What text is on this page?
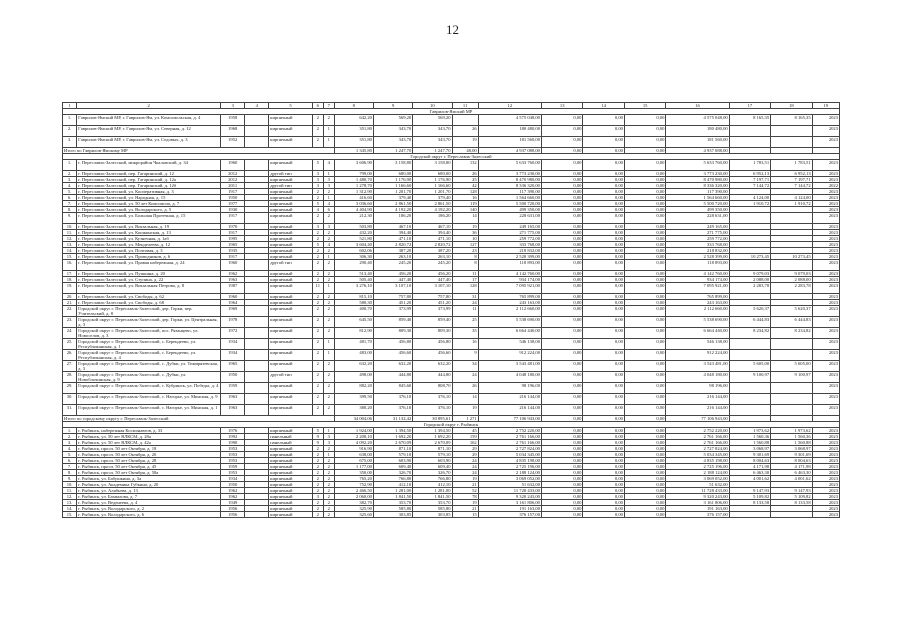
12
1	2	3	4	5	6	7	8	9	10	11	12	13	14	15	16	17	18	19
Гаврилов-Ямский МР																		
1.	Гаврилов-Ямский МР, г. Гаврилов-Ям, ул. Комсомольская, д. 4	1958		кирпичный	2	2	642,20	569,20	569,20		4 575 048,00	0,00	0,00	0,00	4 575 048,00	8 165,35	8 165,35	2023
2.	Гаврилов-Ямский МР, г. Гаврилов-Ям, ул. Северная, д. 12	1968		кирпичный	2	1	351,80	343,70	343,70	26	180 480,00	0,00	0,00	0,00	180 480,00			2023
3.	Гаврилов-Ямский МР, г. Гаврилов-Ям, ул. Седовых, д. 3	1952		кирпичный	2	1	351,80	343,70	343,70	19	181 560,00	0,00	0,00	0,00	181 560,00			2023
Итого по Гаврилов-Ямскому МР							1 345,80	1 247,70	1 247,70	48,00	4 937 088,00	0,00	0,00	0,00	4 937 088,00			
Городской округ г. Переславль-Залесский																		
1.	г. Переславль-Залесский, микрорайон Чкаловский, д. 34	1960		кирпичный	5	4	3 606,90	3 158,80	3 158,80	132	5 633 760,00	0,00	0,00	0,00	5 633 760,00	1 783,51	1 783,51	2023
2.	г. Переславль-Залесский, пер. Гагаринский, д. 12	2012		другой тип	3	1	799,00	680,00	680,00	26	3 773 230,00	0,00	0,00	0,00	3 773 230,00	6 952,13	6 952,13	2023
3.	г. Переславль-Залесский, пер. Гагаринский, д. 12а	2012		кирпичный	3	3	1 480,70	1 176,90	1 176,90	25	8 470 980,00	0,00	0,00	0,00	8 470 980,00	7 197,71	7 197,71	2023
4.	г. Переславль-Залесский, пер. Гагаринский, д. 12б	2011		другой тип	3	3	1 278,70	1 166,60	1 166,60	42	8 336 320,00	0,00	0,00	0,00	8 336 320,00	7 144,72	7 144,72	2022
5.	г. Переславль-Залесский, ул. Кооперативная, д. 3	1917		кирпичный	2	2	1 312,90	1 201,70	1 201,70	128	117 390,00	0,00	0,00	0,00	117 390,00			2023
6.	г. Переславль-Залесский, ул. Народная, д. 15	1950		кирпичный	2	1	416,60	379,40	379,40	16	1 564 660,00	0,00	0,00	0,00	1 564 660,00	4 124,00	4 124,00	2023
7.	г. Переславль-Залесский, ул. 50 лет Комсомола, д. 7	1977		кирпичный	5	4	3 036,60	2 861,50	2 861,50	119	5 500 720,00	0,00	0,00	0,00	5 500 720,00	1 910,72	1 910,72	2023
8.	г. Переславль-Залесский, ул. Володарского, д. 5	1930		кирпичный	4	6	4 404,90	4 192,20	4 192,20	140	499 350,00	0,00	0,00	0,00	499 350,00			2023
9.	г. Переславль-Залесский, ул. Большая Протечная, д. 15	1917		кирпичный	2	2	212,30	186,20	186,20	14	228 631,00	0,00	0,00	0,00	228 631,00			2023
10.	г. Переславль-Залесский, ул. Вокзальная, д. 19	1970		кирпичный	3	3	503,80	467,10	467,10	19	249 165,00	0,00	0,00	0,00	249 165,00			2023
11.	г. Переславль-Залесский, ул. Кошкинская, д. 13	1917		кирпичный	2	2	432,20	394,40	394,40	36	271 775,00	0,00	0,00	0,00	271 775,00			2023
12.	г. Переславль-Залесский, ул. Кузнечная, д. 1аб	1995		кирпичный	2	2	521,80	471,10	471,10	10	259 772,00	0,00	0,00	0,00	259 772,00			2023
13.	г. Переславль-Залесский, ул. Менделеева, д. 12	1965		кирпичный	5	4	3 604,40	2 820,72	2 820,72	127	333 768,00	0,00	0,00	0,00	333 768,00			2023
14.	г. Переславль-Залесский, ул. Почтовая, д. 3	1935		кирпичный	2	2	602,06	387,20	387,20	23	218 832,00	0,00	0,00	0,00	218 832,00			2023
15.	г. Переславль-Залесский, ул. Проводников, д. 6	1917		кирпичный	2	1	306,30	263,10	263,10	8	2 528 399,00	0,00	0,00	0,00	2 528 399,00	10 273,45	10 273,45	2023
16.	г. Переславль-Залесский, ул. Правая набережная, д. 24	1960		другой тип	2	2	290,40	245,20	245,20	8	118 893,00	0,00	0,00	0,00	118 893,00			2023
17.	г. Переславль-Залесский, ул. Пушкина, д. 20	1962		кирпичный	2	2	513,40	456,20	456,20	11	4 142 760,00	0,00	0,00	0,00	4 142 760,00	9 079,03	9 079,03	2023
18.	г. Переславль-Залесский, ул. Ступина, д. 22	1963		кирпичный	2	2	505,40	447,40	447,40	17	934 174,00	0,00	0,00	0,00	934 174,00	2 088,00	2 088,00	2023
19.	г. Переславль-Залесский, ул. Вокзальная Петрова, д. 8	1987		кирпичный	11	1	3 276,10	3 107,10	3 107,10	128	7 095 921,00	0,00	0,00	0,00	7 095 921,00	2 283,78	2 283,78	2023
20.	г. Переславль-Залесский, ул. Свободы, д. 62	1960		кирпичный	2	2	815,10	757,80	757,80	31	765 899,00	0,00	0,00	0,00	765 899,00			2023
21.	г. Переславль-Залесский, ул. Свободы, д. 68	1964		кирпичный	2	2	580,30	451,20	451,20	24	243 163,00	0,00	0,00	0,00	243 163,00			2023
22.	Городской округ г. Переславль-Залесский, дер. Горки, пер. Учительский, д. 8	1969		кирпичный	2	2	400,70	373,99	373,99	11	2 112 660,00	0,00	0,00	0,00	2 112 660,00	5 620,37	5 620,37	2023
23.	Городской округ г. Переславль-Залесский, дер. Горки, ул. Центральная, д. 3	1978		кирпичный	2	2	645,50	859,40	859,40	25	5 538 690,00	0,00	0,00	0,00	5 538 690,00	6 444,83	6 444,83	2023
24.	Городской округ г. Переславль-Залесский, пос. Рязанцево, ул. Новоселов, д. 3	1972		кирпичный	2	2	812,90	809,30	809,30	35	6 664 440,00	0,00	0,00	0,00	6 664 440,00	8 234,82	8 234,82	2023
25.	Городской округ г. Переславль-Залесский, с. Берендеево, ул. Республиканская, д. 1	1934		кирпичный	2	1	481,70	456,80	456,80	16	546 138,00	0,00	0,00	0,00	546 138,00			2023
26.	Городской округ г. Переславль-Залесский, с. Берендеево, ул. Республиканская, д. 4	1934		кирпичный	2	1	483,00	456,60	456,60	9	912 224,00	0,00	0,00	0,00	912 224,00			2023
27.	Городской округ г. Переславль-Залесский, с. Дубки, ул. Тимирязевская, д. 3	1965		кирпичный	2	2	632,20	632,20	632,20	34	3 543 481,00	0,00	0,00	0,00	3 543 481,00	5 605,00	5 605,00	2023
28.	Городской округ г. Переславль-Залесский, с. Дубки, ул. Новоблочинская, д. 9	1950		другой тип	2	2	498,00	444,80	444,80	24	4 048 180,00	0,00	0,00	0,00	4 048 180,00	9 100,97	9 100,97	2023
29.	Городской округ г. Переславль-Залесский, с. Кубринск, ул. Победы, д. 4	1959		кирпичный	2	2	882,20	845,60	808,70	26	98 196,00	0,00	0,00	0,00	98 196,00			2023
30.	Городской округ г. Переславль-Залесский, с. Нагорье, ул. Минская, д. 9	1963		кирпичный	2	2	399,50	376,10	376,10	14	216 144,00	0,00	0,00	0,00	216 144,00			2023
31.	Городской округ г. Переславль-Залесский, с. Нагорье, ул. Минская, д. 1	1963		кирпичный	2	2	380,20	376,10	376,10	19	216 144,00	0,00	0,00	0,00	216 144,00			2023
Итого по городскому округу г. Переславль-Залесский							34 004,06	31 132,42	30 895,61	1 271	77 106 943,00	0,00	0,00	0,00	77 106 943,00			
Городской округ г. Рыбинск																		
1.	г. Рыбинск, набережная Космонавтов, д. 33	1976		кирпичный	5	1	1 924,00	1 394,50	1 394,50	45	2 752 220,00	0,00	0,00	0,00	2 752 220,00	1 973,62	1 973,62	2023
2.	г. Рыбинск, ул. 50 лет ВЛКСМ, д. 28а	1992		панельный	9	3	2 208,10	1 692,20	1 692,20	159	2 761 166,00	0,00	0,00	0,00	2 761 166,00	1 560,36	1 560,36	2023
3.	г. Рыбинск, ул. 50 лет ВЛКСМ, д. 42а	1990		панельный	9	3	4 092,20	2 670,09	2 670,09	162	2 761 166,00	0,00	0,00	0,00	2 761 166,00	1 560,88	1 560,88	2023
4.	г. Рыбинск, просп. 50 лет Октября, д. 18	1953		кирпичный	2	2	916,90	871,10	871,10	29	2 727 824,00	0,00	0,00	0,00	2 727 824,00	3 068,97	3 068,97	2023
5.	г. Рыбинск, просп. 50 лет Октября, д. 20	1953		кирпичный	2	1	638,00	579,10	579,10	29	5 034 345,00	0,00	0,00	0,00	5 034 345,00	9 301,69	9 301,69	2023
6.	г. Рыбинск, просп. 50 лет Октября, д. 28	1953		кирпичный	2	2	675,00	603,90	603,90	24	4 835 198,00	0,00	0,00	0,00	4 835 198,00	8 004,63	8 004,63	2023
7.	г. Рыбинск, просп. 50 лет Октября, д. 45	1959		кирпичный	2	2	1 177,00	609,40	609,40	24	2 725 196,00	0,00	0,00	0,00	2 725 196,00	4 171,98	4 171,98	2023
8.	г. Рыбинск, просп. 50 лет Октября, д. 58а	1953		кирпичный	2	2	350,00	326,70	326,70	24	2 188 124,00	0,00	0,00	0,00	2 188 124,00	6 463,30	6 463,30	2023
9.	г. Рыбинск, ул. Бабушкина, д. 3а	1934		кирпичный	2	2	765,20	766,80	766,80	19	3 069 052,00	0,00	0,00	0,00	3 069 052,00	4 001,62	4 001,62	2023
10.	г. Рыбинск, ул. Академика Губкина, д. 20	1950		кирпичный	2	2	752,90	412,10	412,10	21	51 632,00	0,00	0,00	0,00	51 632,00			2023
11.	г. Рыбинск, ул. Алябьева, д. 13	1962		кирпичный	2	2	2 466,50	1 281,00	1 281,00	52	11 728 433,00	0,00	0,00	0,00	11 728 433,00	9 147,93	9 147,93	2023
12.	г. Рыбинск, ул. Бахвалова, д. 7	1962		кирпичный	3	2	2 060,00	1 841,50	1 841,50	78	9 320 243,00	0,00	0,00	0,00	9 320 243,00	5 109,82	5 109,82	2023
13.	г. Рыбинск, ул. Веденеева, д. 4	1949		кирпичный	2	2	382,70	353,70	353,70	19	3 161 806,00	0,00	0,00	0,00	3 161 806,00	8 133,58	8 133,58	2023
14.	г. Рыбинск, ул. Володарского, д. 2	1956		кирпичный	2	2	325,90	585,80	585,80	21	191 163,00	0,00	0,00	0,00	191 163,00			2023
15.	г. Рыбинск, ул. Володарского, д. 6	1956		кирпичный	2	2	325,60	303,85	303,85	15	376 157,00	0,00	0,00	0,00	376 157,00			2023
